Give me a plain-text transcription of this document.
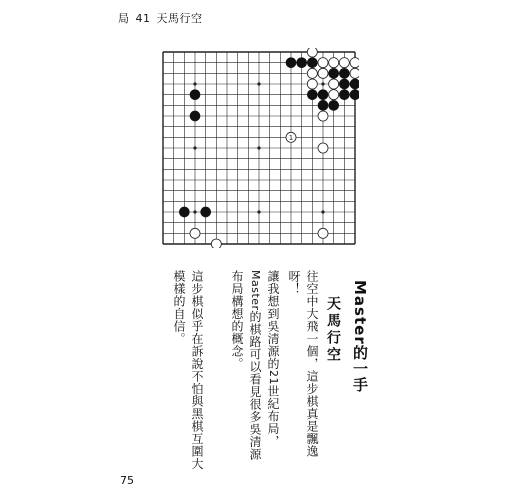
局 41 天馬行空
1
Master的一手
天馬行空
往空中大飛一個，這步棋真是飄逸呀！
讓我想到吳清源的21世紀布局，Master的棋路可以看見很多吳清源布局構想的概念。
這步棋似乎在訴說不怕與黑棋互圍大模樣的自信。
75
